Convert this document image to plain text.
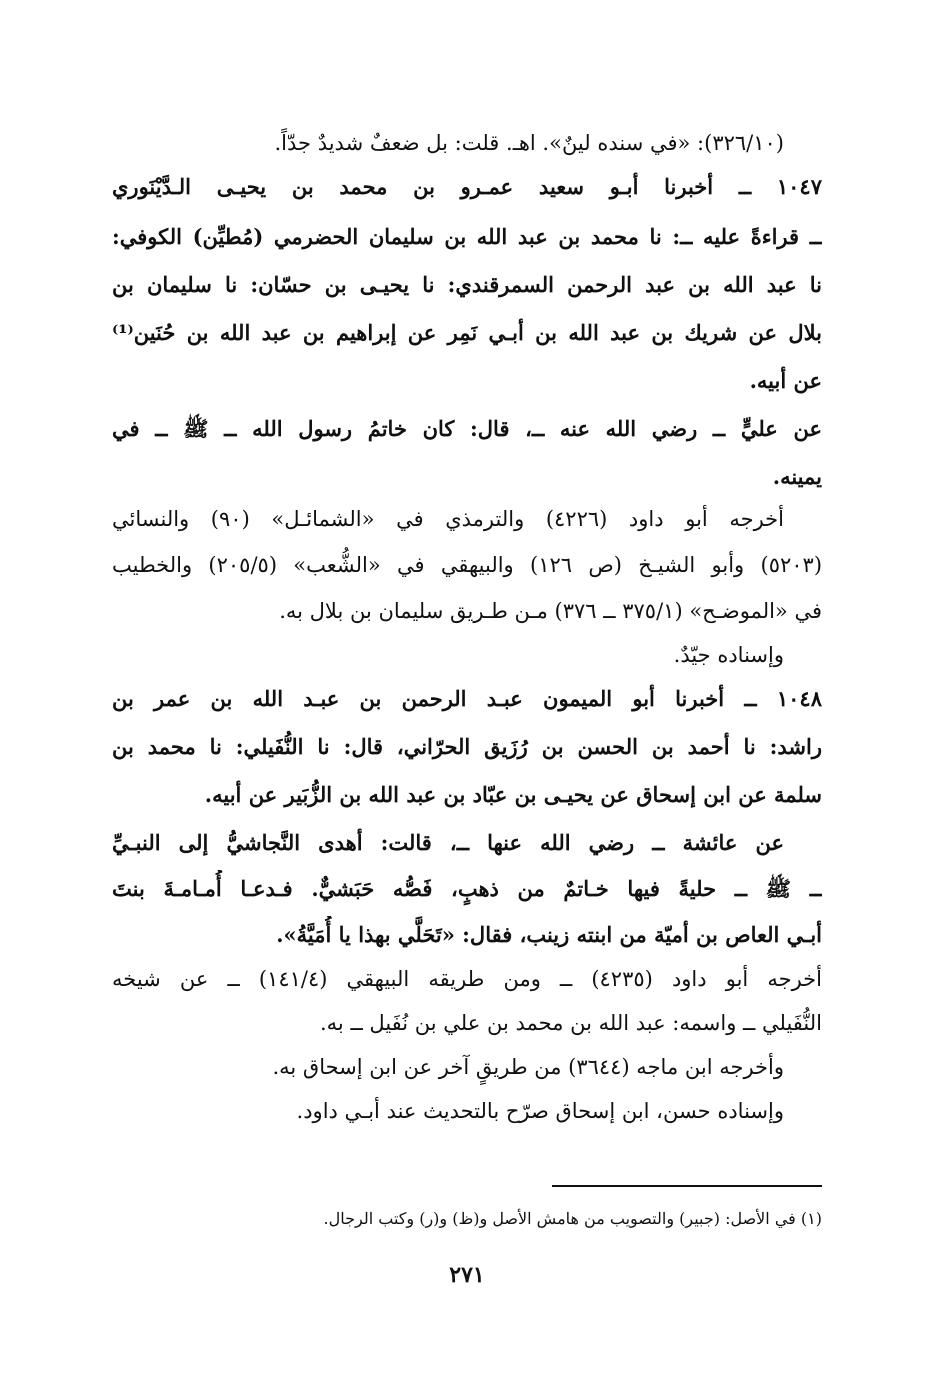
(٣٢٦/١٠): «في سنده لينٌ». اهـ. قلت: بل ضعفٌ شديدٌ جدّاً.
١٠٤٧ ــ أخبرنا أبـو سعيد عمـرو بن محمد بن يحيـى الـدَّيْنَوري
ــ قراءةً عليه ــ: نا محمد بن عبد الله بن سليمان الحضرمي (مُطيِّن) الكوفي:
نا عبد الله بن عبد الرحمن السمرقندي: نا يحيـى بن حسّان: نا سليمان بن
بلال عن شريك بن عبد الله بن أبـي نَمِر عن إبراهيم بن عبد الله بن حُنَين⁽¹⁾
عن أبيه.
عن عليٍّ ــ رضي الله عنه ــ، قال: كان خاتمُ رسول الله ــ ﷺ ــ في
يمينه.
أخرجه أبو داود (٤٢٢٦) والترمذي في «الشمائـل» (٩٠) والنسائي
(٥٢٠٣) وأبو الشيـخ (ص ١٢٦) والبيهقي في «الشُّعب» (٢٠٥/٥) والخطيب
في «الموضـح» (٣٧٥/١ ــ ٣٧٦) مـن طـريق سليمان بن بلال به.
وإسناده جيّدٌ.
١٠٤٨ ــ أخبرنا أبو الميمون عبـد الرحمن بن عبـد الله بن عمر بن
راشد: نا أحمد بن الحسن بن رُزَيق الحرّاني، قال: نا النُّفَيلي: نا محمد بن
سلمة عن ابن إسحاق عن يحيـى بن عبّاد بن عبد الله بن الزُّبَير عن أبيه.
عن عائشة ــ رضي الله عنها ــ، قالت: أهدى النَّجاشيُّ إلى النبـيِّ
ــ ﷺ ــ حليةً فيها خـاتمٌ من ذهبٍ، فَصُّه حَبَشيٌّ. فـدعـا أُمـامـةَ بنتَ
أبـي العاص بن أميّة من ابنته زينب، فقال: «تَحَلَّي بهذا يا أُمَيَّةُ».
أخرجه أبو داود (٤٢٣٥) ــ ومن طريقه البيهقي (١٤١/٤) ــ عن شيخه
النُّفَيلي ــ واسمه: عبد الله بن محمد بن علي بن نُفَيل ــ به.
وأخرجه ابن ماجه (٣٦٤٤) من طريقٍ آخر عن ابن إسحاق به.
وإسناده حسن، ابن إسحاق صرّح بالتحديث عند أبـي داود.
(١) في الأصل: (جبير) والتصويب من هامش الأصل و(ظ) و(ر) وكتب الرجال.
٢٧١
